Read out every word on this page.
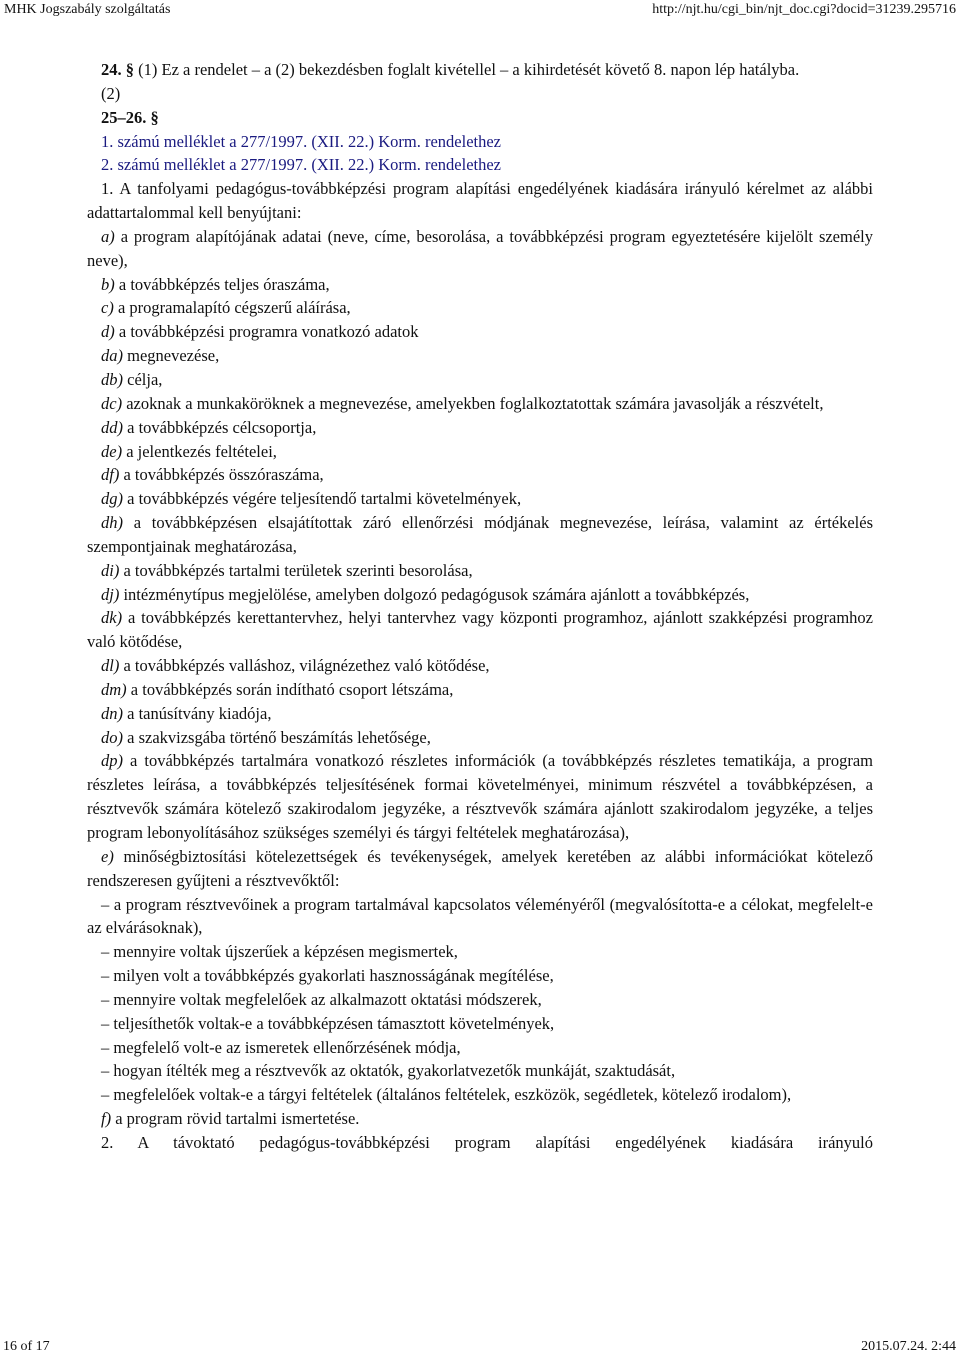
MHK Jogszabály szolgáltatás	http://njt.hu/cgi_bin/njt_doc.cgi?docid=31239.295716

24. § (1) Ez a rendelet – a (2) bekezdésben foglalt kivétellel – a kihirdetését követő 8. napon lép hatályba.

(2)

25–26. §

1. számú melléklet a 277/1997. (XII. 22.) Korm. rendelethez

2. számú melléklet a 277/1997. (XII. 22.) Korm. rendelethez

1. A tanfolyami pedagógus-továbbképzési program alapítási engedélyének kiadására irányuló kérelmet az alábbi adattartalommal kell benyújtani:

a) a program alapítójának adatai (neve, címe, besorolása, a továbbképzési program egyeztetésére kijelölt személy neve),

b) a továbbképzés teljes óraszáma,

c) a programalapító cégszerű aláírása,

d) a továbbképzési programra vonatkozó adatok

da) megnevezése,

db) célja,

dc) azoknak a munkaköröknek a megnevezése, amelyekben foglalkoztatottak számára javasolják a részvételt,

dd) a továbbképzés célcsoportja,

de) a jelentkezés feltételei,

df) a továbbképzés összóraszáma,

dg) a továbbképzés végére teljesítendő tartalmi követelmények,

dh) a továbbképzésen elsajátítottak záró ellenőrzési módjának megnevezése, leírása, valamint az értékelés szempontjainak meghatározása,

di) a továbbképzés tartalmi területek szerinti besorolása,

dj) intézménytípus megjelölése, amelyben dolgozó pedagógusok számára ajánlott a továbbképzés,

dk) a továbbképzés kerettantervhez, helyi tantervhez vagy központi programhoz, ajánlott szakképzési programhoz való kötődése,

dl) a továbbképzés valláshoz, világnézethez való kötődése,

dm) a továbbképzés során indítható csoport létszáma,

dn) a tanúsítvány kiadója,

do) a szakvizsgába történő beszámítás lehetősége,

dp) a továbbképzés tartalmára vonatkozó részletes információk (a továbbképzés részletes tematikája, a program részletes leírása, a továbbképzés teljesítésének formai követelményei, minimum részvétel a továbbképzésen, a résztvevők számára kötelező szakirodalom jegyzéke, a résztvevők számára ajánlott szakirodalom jegyzéke, a teljes program lebonyolításához szükséges személyi és tárgyi feltételek meghatározása),

e) minőségbiztosítási kötelezettségek és tevékenységek, amelyek keretében az alábbi információkat kötelező rendszeresen gyűjteni a résztvevőktől:

– a program résztvevőinek a program tartalmával kapcsolatos véleményéről (megvalósította-e a célokat, megfelelt-e az elvárásoknak),

– mennyire voltak újszerűek a képzésen megismertek,

– milyen volt a továbbképzés gyakorlati hasznosságának megítélése,

– mennyire voltak megfelelőek az alkalmazott oktatási módszerek,

– teljesíthetők voltak-e a továbbképzésen támasztott követelmények,

– megfelelő volt-e az ismeretek ellenőrzésének módja,

– hogyan ítélték meg a résztvevők az oktatók, gyakorlatvezetők munkáját, szaktudását,

– megfelelőek voltak-e a tárgyi feltételek (általános feltételek, eszközök, segédletek, kötelező irodalom),

f) a program rövid tartalmi ismertetése.

2. A távoktató pedagógus-továbbképzési program alapítási engedélyének kiadására irányuló

16 of 17	2015.07.24. 2:44
